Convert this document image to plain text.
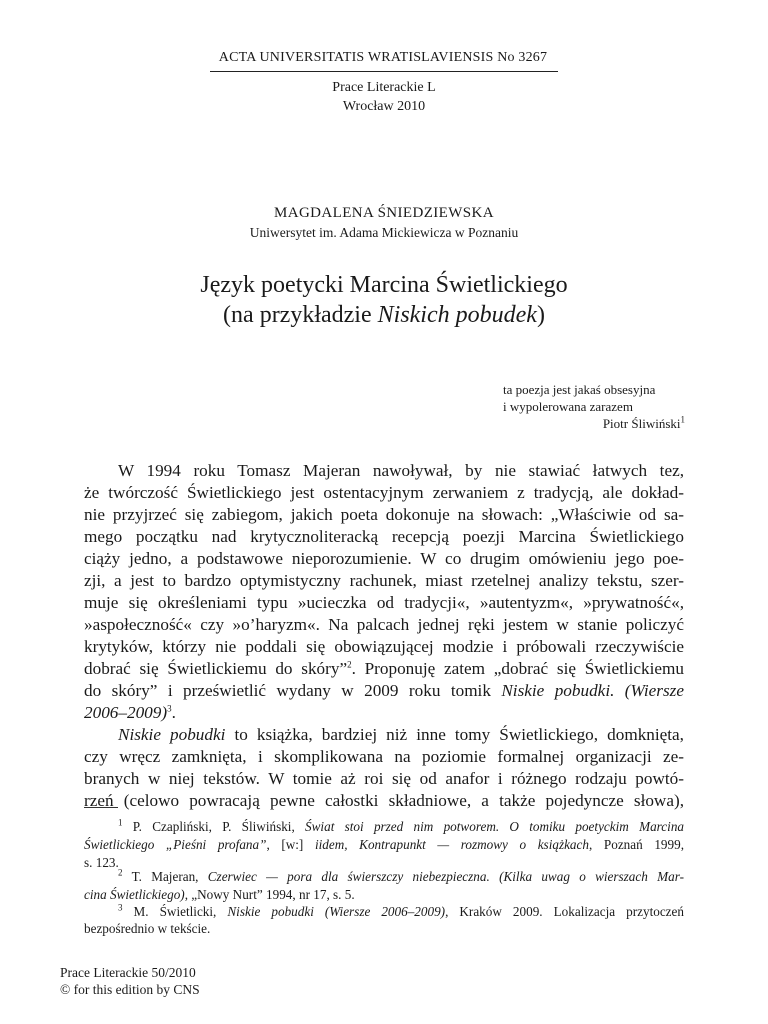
ACTA UNIVERSITATIS WRATISLAVIENSIS No 3267
Prace Literackie L
Wrocław 2010
MAGDALENA ŚNIEDZIEWSKA
Uniwersytet im. Adama Mickiewicza w Poznaniu
Język poetycki Marcina Świetlickiego
(na przykładzie Niskich pobudek)
ta poezja jest jakaś obsesyjna
i wypolerowana zarazem
Piotr Śliwiński$^1$
W 1994 roku Tomasz Majeran nawoływał, by nie stawiać łatwych tez,
że twórczość Świetlickiego jest ostentacyjnym zerwaniem z tradycją, ale dokład-
nie przyjrzeć się zabiegom, jakich poeta dokonuje na słowach: „Właściwie od sa-
mego początku nad krytycznoliteracką recepcją poezji Marcina Świetlickiego
ciąży jedno, a podstawowe nieporozumienie. W co drugim omówieniu jego poe-
zji, a jest to bardzo optymistyczny rachunek, miast rzetelnej analizy tekstu, szer-
muje się określeniami typu »ucieczka od tradycji«, »autentyzm«, »prywatność«,
»aspołeczność« czy »o’haryzm«. Na palcach jednej ręki jestem w stanie policzyć
krytyków, którzy nie poddali się obowiązującej modzie i próbowali rzeczywiście
dobrać się Świetlickiemu do skóry”$^2$. Proponuję zatem „dobrać się Świetlickiemu
do skóry” i prześwietlić wydany w 2009 roku tomik Niskie pobudki. (Wiersze
2006–2009)$^3$.
Niskie pobudki to książka, bardziej niż inne tomy Świetlickiego, domknięta,
czy wręcz zamknięta, i skomplikowana na poziomie formalnej organizacji ze-
branych w niej tekstów. W tomie aż roi się od anafor i różnego rodzaju powtó-
rzeń (celowo powracają pewne całostki składniowe, a także pojedyncze słowa),
$^1$ P. Czapliński, P. Śliwiński, Świat stoi przed nim potworem. O tomiku poetyckim Marcina
Świetlickiego „Pieśni profana”, [w:] iidem, Kontrapunkt — rozmowy o książkach, Poznań 1999,
s. 123.
$^2$ T. Majeran, Czerwiec — pora dla świerszczy niebezpieczna. (Kilka uwag o wierszach Mar-
cina Świetlickiego), „Nowy Nurt” 1994, nr 17, s. 5.
$^3$ M. Świetlicki, Niskie pobudki (Wiersze 2006–2009), Kraków 2009. Lokalizacja przytoczeń
bezpośrednio w tekście.
Prace Literackie 50/2010
© for this edition by CNS
